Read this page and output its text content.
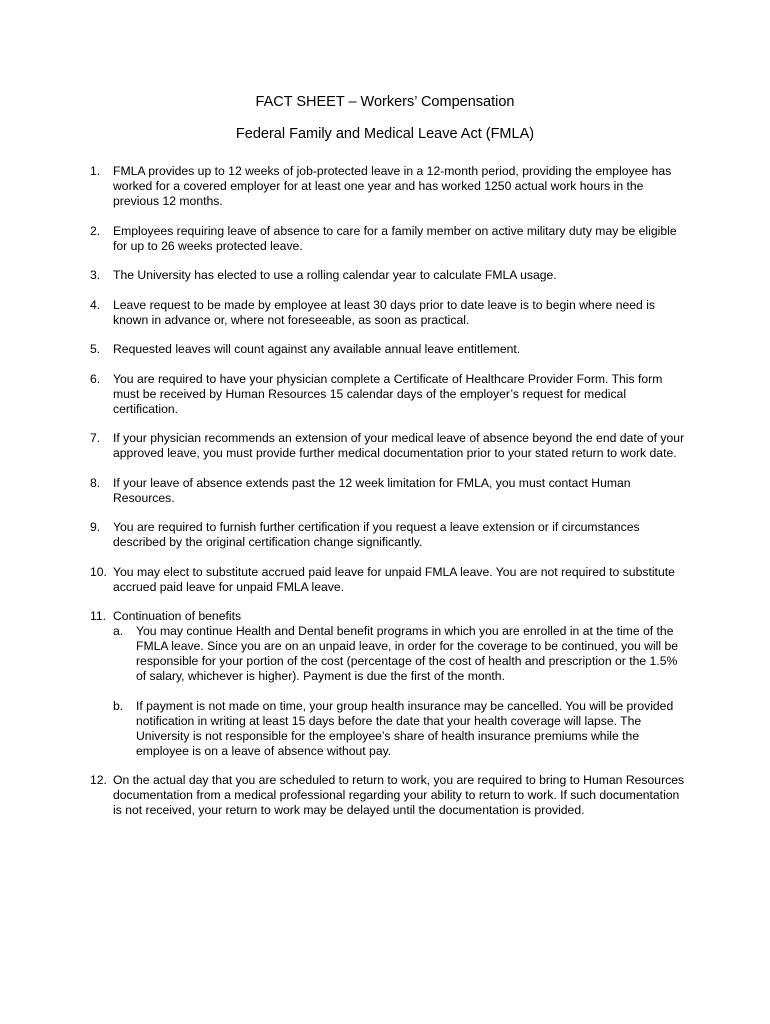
FACT SHEET – Workers’ Compensation
Federal Family and Medical Leave Act (FMLA)
1. FMLA provides up to 12 weeks of job-protected leave in a 12-month period, providing the employee has worked for a covered employer for at least one year and has worked 1250 actual work hours in the previous 12 months.
2. Employees requiring leave of absence to care for a family member on active military duty may be eligible for up to 26 weeks protected leave.
3. The University has elected to use a rolling calendar year to calculate FMLA usage.
4. Leave request to be made by employee at least 30 days prior to date leave is to begin where need is known in advance or, where not foreseeable, as soon as practical.
5. Requested leaves will count against any available annual leave entitlement.
6. You are required to have your physician complete a Certificate of Healthcare Provider Form. This form must be received by Human Resources 15 calendar days of the employer’s request for medical certification.
7. If your physician recommends an extension of your medical leave of absence beyond the end date of your approved leave, you must provide further medical documentation prior to your stated return to work date.
8. If your leave of absence extends past the 12 week limitation for FMLA, you must contact Human Resources.
9. You are required to furnish further certification if you request a leave extension or if circumstances described by the original certification change significantly.
10. You may elect to substitute accrued paid leave for unpaid FMLA leave. You are not required to substitute accrued paid leave for unpaid FMLA leave.
11. Continuation of benefits
a. You may continue Health and Dental benefit programs in which you are enrolled in at the time of the FMLA leave. Since you are on an unpaid leave, in order for the coverage to be continued, you will be responsible for your portion of the cost (percentage of the cost of health and prescription or the 1.5% of salary, whichever is higher). Payment is due the first of the month.
b. If payment is not made on time, your group health insurance may be cancelled. You will be provided notification in writing at least 15 days before the date that your health coverage will lapse. The University is not responsible for the employee’s share of health insurance premiums while the employee is on a leave of absence without pay.
12. On the actual day that you are scheduled to return to work, you are required to bring to Human Resources documentation from a medical professional regarding your ability to return to work. If such documentation is not received, your return to work may be delayed until the documentation is provided.
